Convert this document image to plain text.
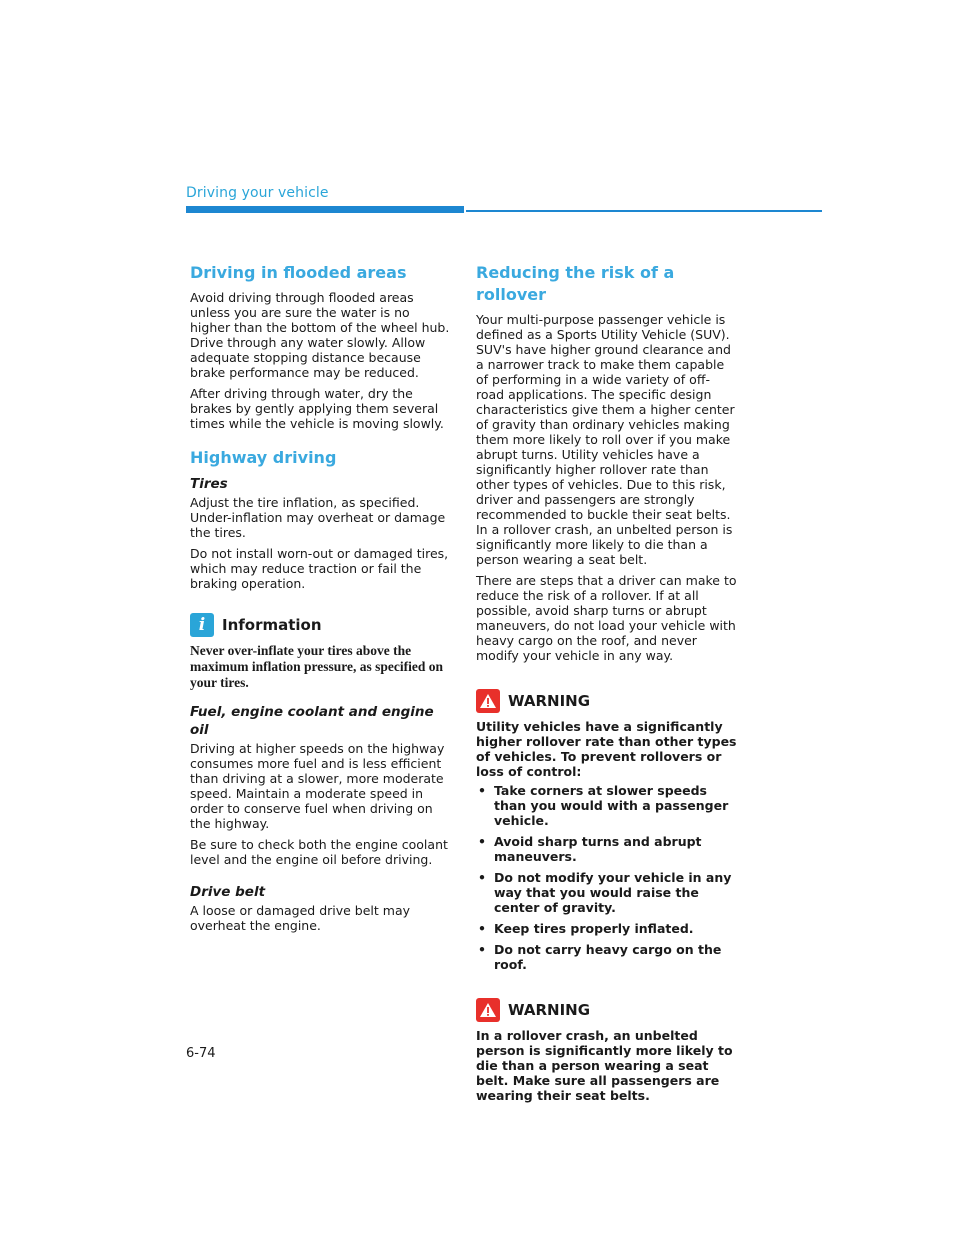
Driving your vehicle
Driving in flooded areas

Avoid driving through flooded areas unless you are sure the water is no higher than the bottom of the wheel hub. Drive through any water slowly. Allow adequate stopping distance because brake performance may be reduced.

After driving through water, dry the brakes by gently applying them several times while the vehicle is moving slowly.

Highway driving
Tires

Adjust the tire inflation, as specified. Under-inflation may overheat or damage the tires.

Do not install worn-out or damaged tires, which may reduce traction or fail the braking operation.

i	Information

Never over-inflate your tires above the maximum inflation pressure, as specified on your tires.

Fuel, engine coolant and engine oil

Driving at higher speeds on the highway consumes more fuel and is less efficient than driving at a slower, more moderate speed. Maintain a moderate speed in order to conserve fuel when driving on the highway.

Be sure to check both the engine coolant level and the engine oil before driving.

Drive belt

A loose or damaged drive belt may overheat the engine.

Reducing the risk of a rollover

Your multi-purpose passenger vehicle is defined as a Sports Utility Vehicle (SUV). SUV's have higher ground clearance and a narrower track to make them capable of performing in a wide variety of off-road applications. The specific design characteristics give them a higher center of gravity than ordinary vehicles making them more likely to roll over if you make abrupt turns. Utility vehicles have a significantly higher rollover rate than other types of vehicles. Due to this risk, driver and passengers are strongly recommended to buckle their seat belts. In a rollover crash, an unbelted person is significantly more likely to die than a person wearing a seat belt.

There are steps that a driver can make to reduce the risk of a rollover. If at all possible, avoid sharp turns or abrupt maneuvers, do not load your vehicle with heavy cargo on the roof, and never modify your vehicle in any way.

WARNING

Utility vehicles have a significantly higher rollover rate than other types of vehicles. To prevent rollovers or loss of control:

• Take corners at slower speeds than you would with a passenger vehicle.
• Avoid sharp turns and abrupt maneuvers.
• Do not modify your vehicle in any way that you would raise the center of gravity.
• Keep tires properly inflated.
• Do not carry heavy cargo on the roof.
WARNING

In a rollover crash, an unbelted person is significantly more likely to die than a person wearing a seat belt. Make sure all passengers are wearing their seat belts.

6-74
